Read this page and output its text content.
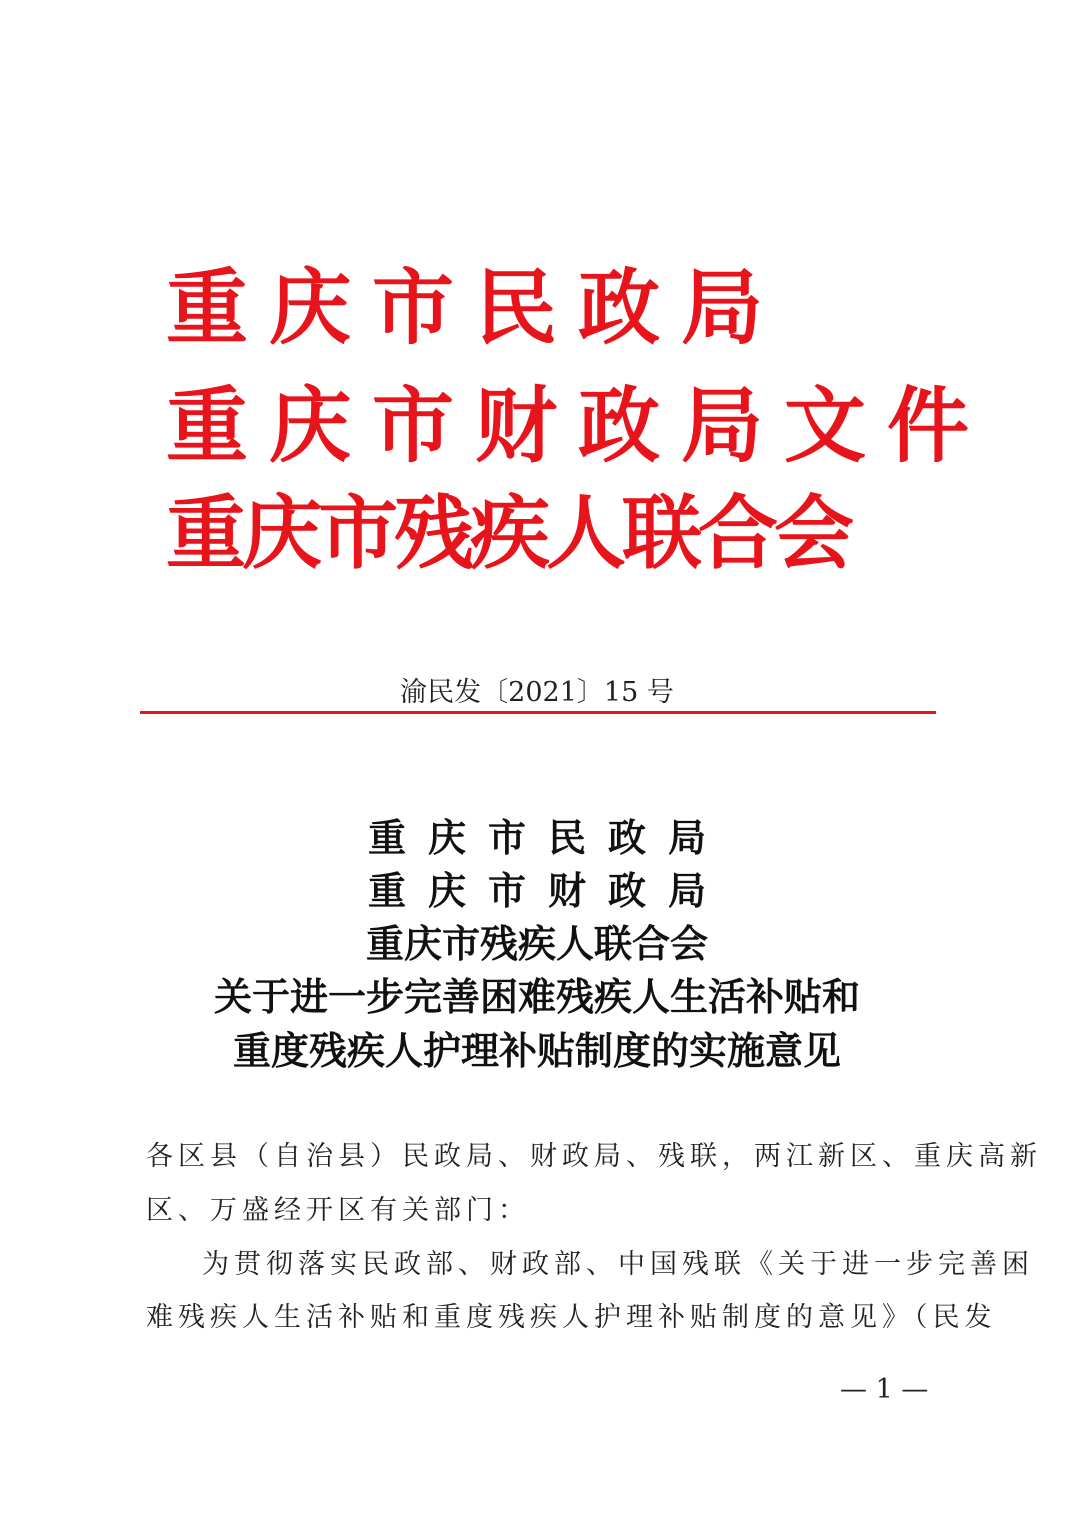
重庆市民政局
重庆市财政局文件
重庆市残疾人联合会
渝民发〔2021〕15 号
重庆市民政局
重庆市财政局
重庆市残疾人联合会
关于进一步完善困难残疾人生活补贴和
重度残疾人护理补贴制度的实施意见
各区县（自治县）民政局、财政局、残联，两江新区、重庆高新
区、万盛经开区有关部门：
为贯彻落实民政部、财政部、中国残联《关于进一步完善困
难残疾人生活补贴和重度残疾人护理补贴制度的意见》（民发
— 1 —
